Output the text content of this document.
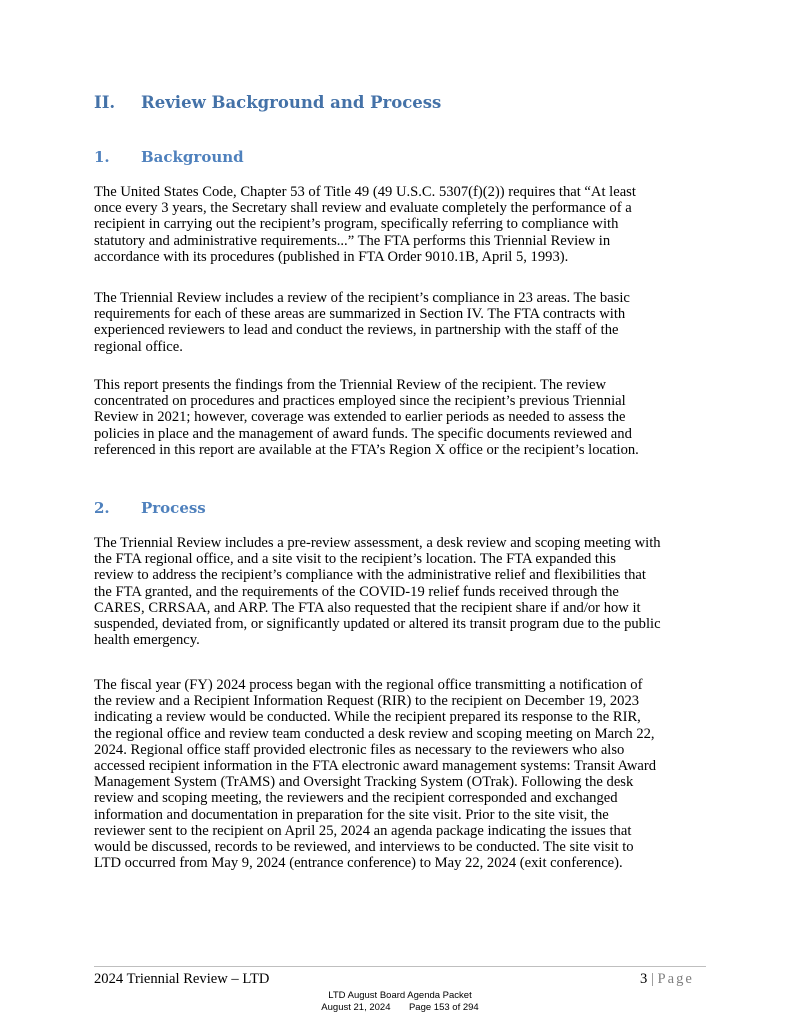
II. Review Background and Process
1. Background

The United States Code, Chapter 53 of Title 49 (49 U.S.C. 5307(f)(2)) requires that “At least
once every 3 years, the Secretary shall review and evaluate completely the performance of a
recipient in carrying out the recipient’s program, specifically referring to compliance with
statutory and administrative requirements...” The FTA performs this Triennial Review in
accordance with its procedures (published in FTA Order 9010.1B, April 5, 1993).

The Triennial Review includes a review of the recipient’s compliance in 23 areas. The basic
requirements for each of these areas are summarized in Section IV. The FTA contracts with
experienced reviewers to lead and conduct the reviews, in partnership with the staff of the
regional office.

This report presents the findings from the Triennial Review of the recipient. The review
concentrated on procedures and practices employed since the recipient’s previous Triennial
Review in 2021; however, coverage was extended to earlier periods as needed to assess the
policies in place and the management of award funds. The specific documents reviewed and
referenced in this report are available at the FTA’s Region X office or the recipient’s location.

2. Process

The Triennial Review includes a pre-review assessment, a desk review and scoping meeting with
the FTA regional office, and a site visit to the recipient’s location. The FTA expanded this
review to address the recipient’s compliance with the administrative relief and flexibilities that
the FTA granted, and the requirements of the COVID-19 relief funds received through the
CARES, CRRSAA, and ARP. The FTA also requested that the recipient share if and/or how it
suspended, deviated from, or significantly updated or altered its transit program due to the public
health emergency.

The fiscal year (FY) 2024 process began with the regional office transmitting a notification of
the review and a Recipient Information Request (RIR) to the recipient on December 19, 2023
indicating a review would be conducted. While the recipient prepared its response to the RIR,
the regional office and review team conducted a desk review and scoping meeting on March 22,
2024. Regional office staff provided electronic files as necessary to the reviewers who also
accessed recipient information in the FTA electronic award management systems: Transit Award
Management System (TrAMS) and Oversight Tracking System (OTrak). Following the desk
review and scoping meeting, the reviewers and the recipient corresponded and exchanged
information and documentation in preparation for the site visit. Prior to the site visit, the
reviewer sent to the recipient on April 25, 2024 an agenda package indicating the issues that
would be discussed, records to be reviewed, and interviews to be conducted. The site visit to
LTD occurred from May 9, 2024 (entrance conference) to May 22, 2024 (exit conference).

2024 Triennial Review – LTD	3 | Page
LTD August Board Agenda Packet
August 21, 2024       Page 153 of 294
